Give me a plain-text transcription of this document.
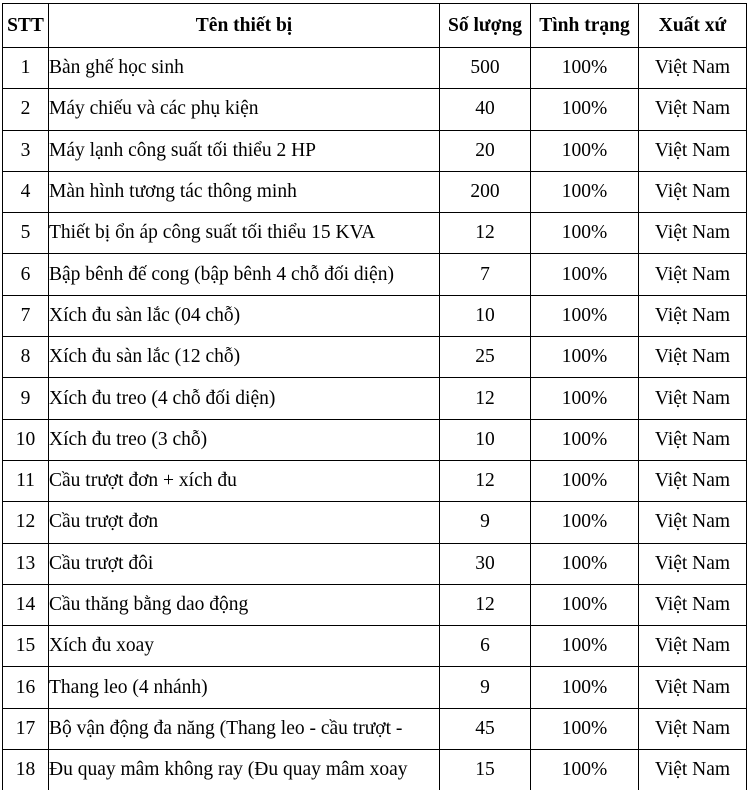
STT	Tên thiết bị	Số lượng	Tình trạng	Xuất xứ
1	Bàn ghế học sinh	500	100%	Việt Nam
2	Máy chiếu và các phụ kiện	40	100%	Việt Nam
3	Máy lạnh công suất tối thiểu 2 HP	20	100%	Việt Nam
4	Màn hình tương tác thông minh	200	100%	Việt Nam
5	Thiết bị ổn áp công suất tối thiểu 15 KVA	12	100%	Việt Nam
6	Bập bênh đế cong (bập bênh 4 chỗ đối diện)	7	100%	Việt Nam
7	Xích đu sàn lắc (04 chỗ)	10	100%	Việt Nam
8	Xích đu sàn lắc (12 chỗ)	25	100%	Việt Nam
9	Xích đu treo (4 chỗ đối diện)	12	100%	Việt Nam
10	Xích đu treo (3 chỗ)	10	100%	Việt Nam
11	Cầu trượt đơn + xích đu	12	100%	Việt Nam
12	Cầu trượt đơn	9	100%	Việt Nam
13	Cầu trượt đôi	30	100%	Việt Nam
14	Cầu thăng bằng dao động	12	100%	Việt Nam
15	Xích đu xoay	6	100%	Việt Nam
16	Thang leo (4 nhánh)	9	100%	Việt Nam
17	Bộ vận động đa năng (Thang leo - cầu trượt -	45	100%	Việt Nam
18	Đu quay mâm không ray (Đu quay mâm xoay	15	100%	Việt Nam
